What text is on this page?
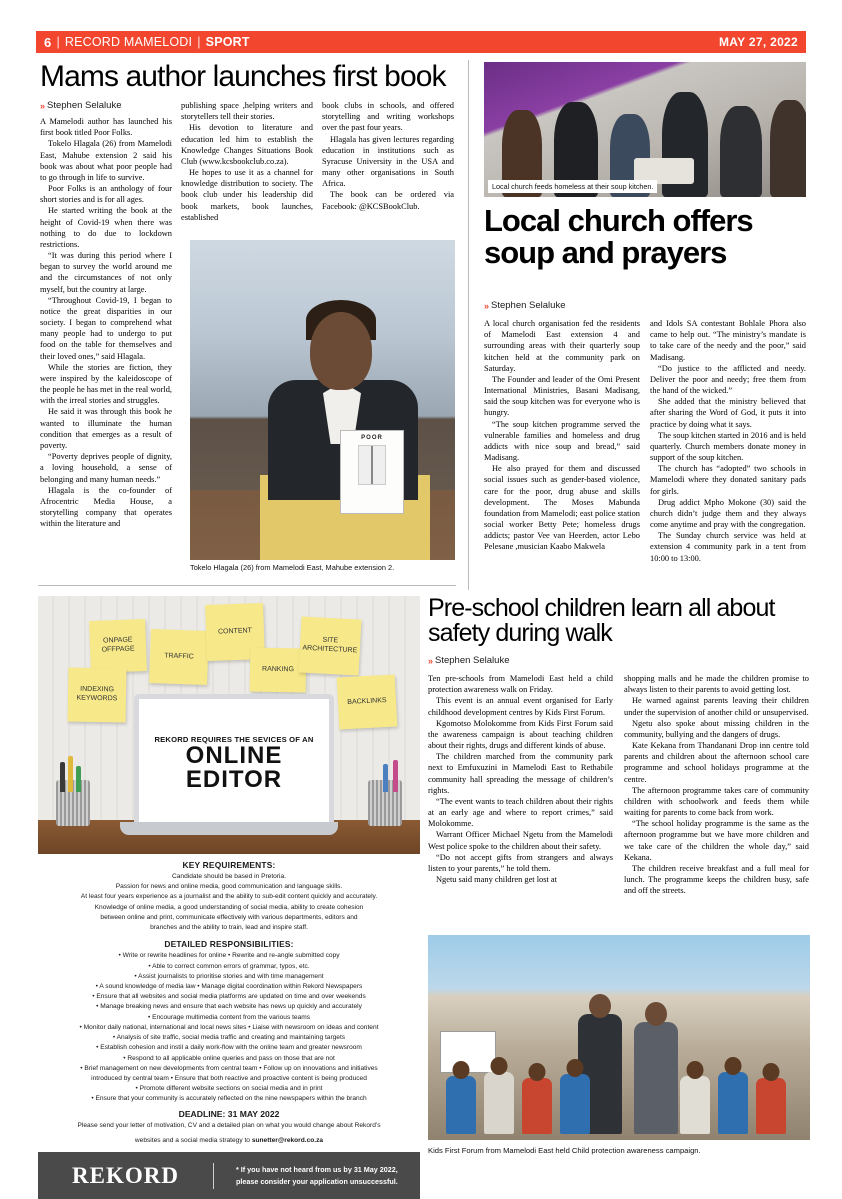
6 | RECORD MAMELODI | SPORT	MAY 27, 2022
Mams author launches first book
» Stephen Selaluke

A Mamelodi author has launched his first book titled Poor Folks.

Tokelo Hlagala (26) from Mamelodi East, Mahube extension 2 said his book was about what poor people had to go through in life to survive.

Poor Folks is an anthology of four short stories and is for all ages.

He started writing the book at the height of Covid-19 when there was nothing to do due to lockdown restrictions.

“It was during this period where I began to survey the world around me and the circumstances of not only myself, but the country at large.

“Throughout Covid-19, I began to notice the great disparities in our society. I began to comprehend what many people had to undergo to put food on the table for themselves and their loved ones,” said Hlagala.

While the stories are fiction, they were inspired by the kaleidoscope of the people he has met in the real world, with the irreal stories and struggles.

He said it was through this book he wanted to illuminate the human condition that emerges as a result of poverty.

“Poverty deprives people of dignity, a loving household, a sense of belonging and many human needs.”

Hlagala is the co-founder of Afrocentric Media House, a storytelling company that operates within the literature and

publishing space ,helping writers and storytellers tell their stories.

His devotion to literature and education led him to establish the Knowledge Changes Situations Book Club (www.kcsbookclub.co.za).

He hopes to use it as a channel for knowledge distribution to society. The book club under his leadership did book markets, book launches, established

book clubs in schools, and offered storytelling and writing workshops over the past four years.

Hlagala has given lectures regarding education in institutions such as Syracuse University in the USA and many other organisations in South Africa.

The book can be ordered via Facebook: @KCSBookClub.

POOR
Tokelo Hlagala (26) from Mamelodi East, Mahube extension 2.
Local church feeds homeless at their soup kitchen.
Local church offers soup and prayers
» Stephen Selaluke

A local church organisation fed the residents of Mamelodi East extension 4 and surrounding areas with their quarterly soup kitchen held at the community park on Saturday.

The Founder and leader of the Omi Present International Ministries, Basani Madisang, said the soup kitchen was for everyone who is hungry.

“The soup kitchen programme served the vulnerable families and homeless and drug addicts with nice soup and bread,” said Madisang.

He also prayed for them and discussed social issues such as gender-based violence, care for the poor, drug abuse and skills development. The Moses Mabunda foundation from Mamelodi; east police station social worker Betty Pete; homeless drugs addicts; pastor Vee van Heerden, actor Lebo Pelesane ,musician Kaabo Makwela

and Idols SA contestant Bohlale Phora also came to help out. “The ministry’s mandate is to take care of the needy and the poor,” said Madisang.

“Do justice to the afflicted and needy. Deliver the poor and needy; free them from the hand of the wicked.”

She added that the ministry believed that after sharing the Word of God, it puts it into practice by doing what it says.

The soup kitchen started in 2016 and is held quarterly. Church members donate money in support of the soup kitchen.

The church has “adopted” two schools in Mamelodi where they donated sanitary pads for girls.

Drug addict Mpho Mokone (30) said the church didn’t judge them and they always come anytime and pray with the congregation.

The Sunday church service was held at extension 4 community park in a tent from 10:00 to 13:00.

Pre-school children learn all about safety during walk
» Stephen Selaluke

Ten pre-schools from Mamelodi East held a child protection awareness walk on Friday.

This event is an annual event organised for Early childhood development centres by Kids First Forum.

Kgomotso Molokomme from Kids First Forum said the awareness campaign is about teaching children about their rights, drugs and different kinds of abuse.

The children marched from the community park next to Emfuxuzini in Mamelodi East to Rethabile community hall spreading the message of children’s rights.

“The event wants to teach children about their rights at an early age and where to report crimes,” said Molokomme.

Warrant Officer Michael Ngetu from the Mamelodi West police spoke to the children about their safety.

“Do not accept gifts from strangers and always listen to your parents,” he told them.

Ngetu said many children get lost at

shopping malls and he made the children promise to always listen to their parents to avoid getting lost.

He warned against parents leaving their children under the supervision of another child or unsupervised.

Ngetu also spoke about missing children in the community, bullying and the dangers of drugs.

Kate Kekana from Thandanani Drop inn centre told parents and children about the afternoon school care programme and school holidays programme at the centre.

The afternoon programme takes care of community children with schoolwork and feeds them while waiting for parents to come back from work.

“The school holiday programme is the same as the afternoon programme but we have more children and we take care of the children the whole day,” said Kekana.

The children receive breakfast and a full meal for lunch. The programme keeps the children busy, safe and off the streets.

Kids First Forum from Mamelodi East held Child protection awareness campaign.
ONPAGE OFFPAGE
TRAFFIC
CONTENT
RANKING
SITE ARCHITECTURE
INDEXING KEYWORDS	BACKLINKS
REKORD REQUIRES THE SEVICES OF AN
ONLINE
EDITOR
KEY REQUIREMENTS:

Candidate should be based in Pretoria.

Passion for news and online media, good communication and language skills.

At least four years experience as a journalist and the ability to sub-edit content quickly and accurately.

Knowledge of online media, a good understanding of social media, ability to create cohesion

between online and print, communicate effectively with various departments, editors and

branches and the ability to train, lead and inspire staff.

DETAILED RESPONSIBILITIES:

• Write or rewrite headlines for online • Rewrite and re-angle submitted copy

• Able to correct common errors of grammar, typos, etc.

• Assist journalists to prioritise stories and with time management

• A sound knowledge of media law • Manage digital coordination within Rekord Newspapers

• Ensure that all websites and social media platforms are updated on time and over weekends

• Manage breaking news and ensure that each website has news up quickly and accurately

• Encourage multimedia content from the various teams

• Monitor daily national, international and local news sites • Liaise with newsroom on ideas and content

• Analysis of site traffic, social media traffic and creating and maintaining targets

• Establish cohesion and instil a daily work-flow with the online team and greater newsroom

• Respond to all applicable online queries and pass on those that are not

• Brief management on new developments from central team • Follow up on innovations and initiatives

introduced by central team • Ensure that both reactive and proactive content is being produced

• Promote different website sections on social media and in print

• Ensure that your community is accurately reflected on the nine newspapers within the branch

DEADLINE: 31 MAY 2022

Please send your letter of motivation, CV and a detailed plan on what you would change about Rekord’s

websites and a social media strategy to sunetter@rekord.co.za

REKORD	* If you have not heard from us by 31 May 2022,
please consider your application unsuccessful.
